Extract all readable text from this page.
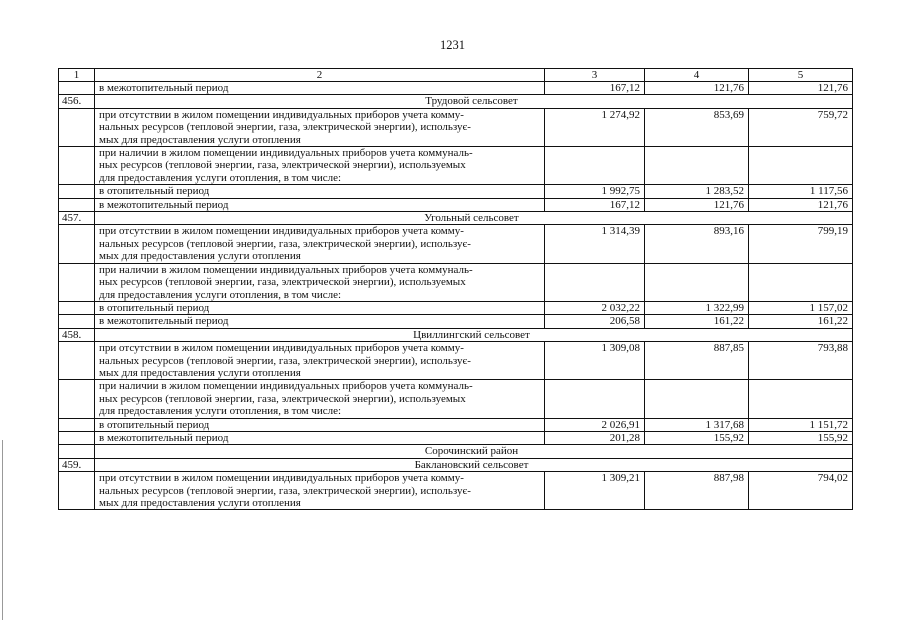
1231
1	2	3	4	5
	в межотопительный период	167,12	121,76	121,76
456.	Трудовой сельсовет			
	при отсутствии в жилом помещении индивидуальных приборов учета комму-
нальных ресурсов (тепловой энергии, газа, электрической энергии), использує-
мых для предоставления услуги отопления	1 274,92	853,69	759,72
	при наличии в жилом помещении индивидуальных приборов учета коммуналь-
ных ресурсов (тепловой энергии, газа, электрической энергии), используемых
для предоставления услуги отопления, в том числе:			
	в отопительный период	1 992,75	1 283,52	1 117,56
	в межотопительный период	167,12	121,76	121,76
457.	Угольный сельсовет			
	при отсутствии в жилом помещении индивидуальных приборов учета комму-
нальных ресурсов (тепловой энергии, газа, электрической энергии), использує-
мых для предоставления услуги отопления	1 314,39	893,16	799,19
	при наличии в жилом помещении индивидуальных приборов учета коммуналь-
ных ресурсов (тепловой энергии, газа, электрической энергии), используемых
для предоставления услуги отопления, в том числе:			
	в отопительный период	2 032,22	1 322,99	1 157,02
	в межотопительный период	206,58	161,22	161,22
458.	Цвиллингский сельсовет			
	при отсутствии в жилом помещении индивидуальных приборов учета комму-
нальных ресурсов (тепловой энергии, газа, электрической энергии), использує-
мых для предоставления услуги отопления	1 309,08	887,85	793,88
	при наличии в жилом помещении индивидуальных приборов учета коммуналь-
ных ресурсов (тепловой энергии, газа, электрической энергии), используемых
для предоставления услуги отопления, в том числе:			
	в отопительный период	2 026,91	1 317,68	1 151,72
	в межотопительный период	201,28	155,92	155,92
	Сорочинский район			
459.	Баклановский сельсовет			
	при отсутствии в жилом помещении индивидуальных приборов учета комму-
нальных ресурсов (тепловой энергии, газа, электрической энергии), использує-
мых для предоставления услуги отопления	1 309,21	887,98	794,02
